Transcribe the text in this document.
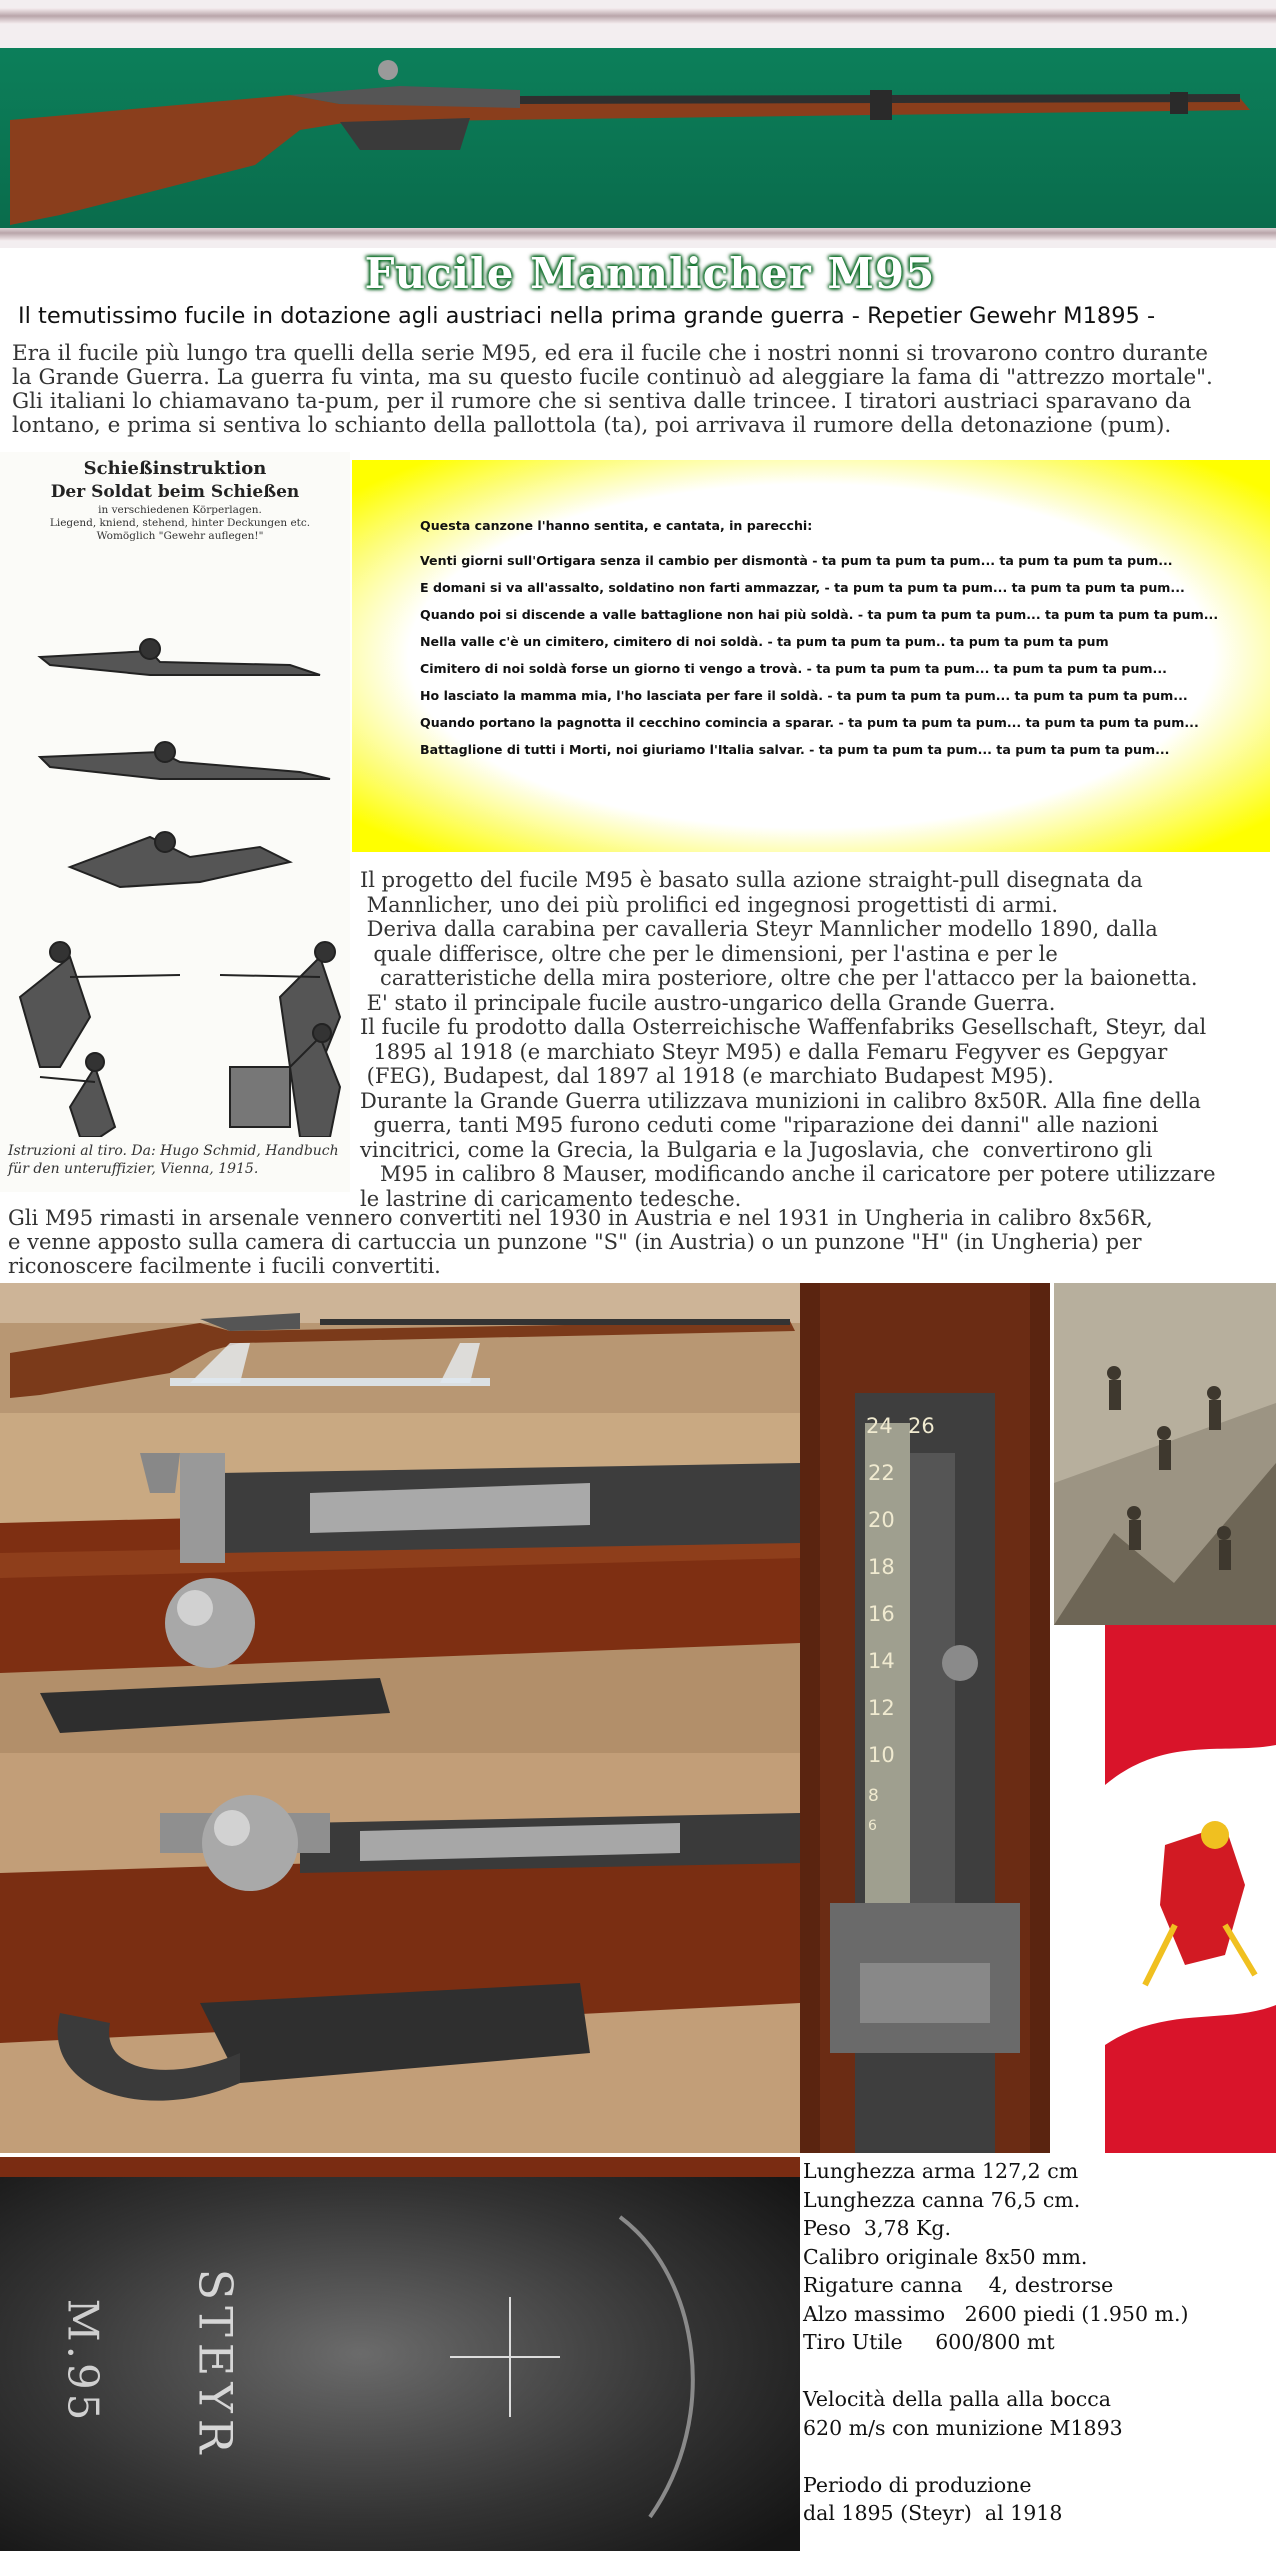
Fucile Mannlicher M95
Il temutissimo fucile in dotazione agli austriaci nella prima grande guerra - Repetier Gewehr M1895 -
Era il fucile più lungo tra quelli della serie M95, ed era il fucile che i nostri nonni si trovarono contro durante
la Grande Guerra. La guerra fu vinta, ma su questo fucile continuò ad aleggiare la fama di "attrezzo mortale".
Gli italiani lo chiamavano ta-pum, per il rumore che si sentiva dalle trincee. I tiratori austriaci sparavano da
lontano, e prima si sentiva lo schianto della pallottola (ta), poi arrivava il rumore della detonazione (pum).
Schießinstruktion
Der Soldat beim Schießen
in verschiedenen Körperlagen.
Liegend, kniend, stehend, hinter Deckungen etc.
Womöglich "Gewehr auflegen!"
Istruzioni al tiro. Da: Hugo Schmid, Handbuch
für den unteruffizier, Vienna, 1915.
Questa canzone l'hanno sentita, e cantata, in parecchi:
Venti giorni sull'Ortigara senza il cambio per dismontà - ta pum ta pum ta pum... ta pum ta pum ta pum...
E domani si va all'assalto, soldatino non farti ammazzar, - ta pum ta pum ta pum... ta pum ta pum ta pum...
Quando poi si discende a valle battaglione non hai più soldà. - ta pum ta pum ta pum... ta pum ta pum ta pum...
Nella valle c'è un cimitero, cimitero di noi soldà. - ta pum ta pum ta pum.. ta pum ta pum ta pum
Cimitero di noi soldà forse un giorno ti vengo a trovà. - ta pum ta pum ta pum... ta pum ta pum ta pum...
Ho lasciato la mamma mia, l'ho lasciata per fare il soldà. - ta pum ta pum ta pum... ta pum ta pum ta pum...
Quando portano la pagnotta il cecchino comincia a sparar. - ta pum ta pum ta pum... ta pum ta pum ta pum...
Battaglione di tutti i Morti, noi giuriamo l'Italia salvar. - ta pum ta pum ta pum... ta pum ta pum ta pum...

Il progetto del fucile M95 è basato sulla azione straight-pull disegnata da

Mannlicher, uno dei più prolifici ed ingegnosi progettisti di armi.

Deriva dalla carabina per cavalleria Steyr Mannlicher modello 1890, dalla

quale differisce, oltre che per le dimensioni, per l'astina e per le

caratteristiche della mira posteriore, oltre che per l'attacco per la baionetta.

E' stato il principale fucile austro-ungarico della Grande Guerra.

Il fucile fu prodotto dalla Osterreichische Waffenfabriks Gesellschaft, Steyr, dal

1895 al 1918 (e marchiato Steyr M95) e dalla Femaru Fegyver es Gepgyar

(FEG), Budapest, dal 1897 al 1918 (e marchiato Budapest M95).

Durante la Grande Guerra utilizzava munizioni in calibro 8x50R. Alla fine della

guerra, tanti M95 furono ceduti come "riparazione dei danni" alle nazioni

vincitrici, come la Grecia, la Bulgaria e la Jugoslavia, che  convertirono gli

M95 in calibro 8 Mauser, modificando anche il caricatore per potere utilizzare

le lastrine di caricamento tedesche.

Gli M95 rimasti in arsenale vennero convertiti nel 1930 in Austria e nel 1931 in Ungheria in calibro 8x56R,
e venne apposto sulla camera di cartuccia un punzone "S" (in Austria) o un punzone "H" (in Ungheria) per
riconoscere facilmente i fucili convertiti.
24 26
22
20
18
16
14
12
10
8
6
STEYR
M.95

Lunghezza arma 127,2 cm

Lunghezza canna 76,5 cm.

Peso  3,78 Kg.

Calibro originale 8x50 mm.

Rigature canna    4, destrorse

Alzo massimo   2600 piedi (1.950 m.)

Tiro Utile     600/800 mt

Velocità della palla alla bocca

620 m/s con munizione M1893

Periodo di produzione

dal 1895 (Steyr)  al 1918
